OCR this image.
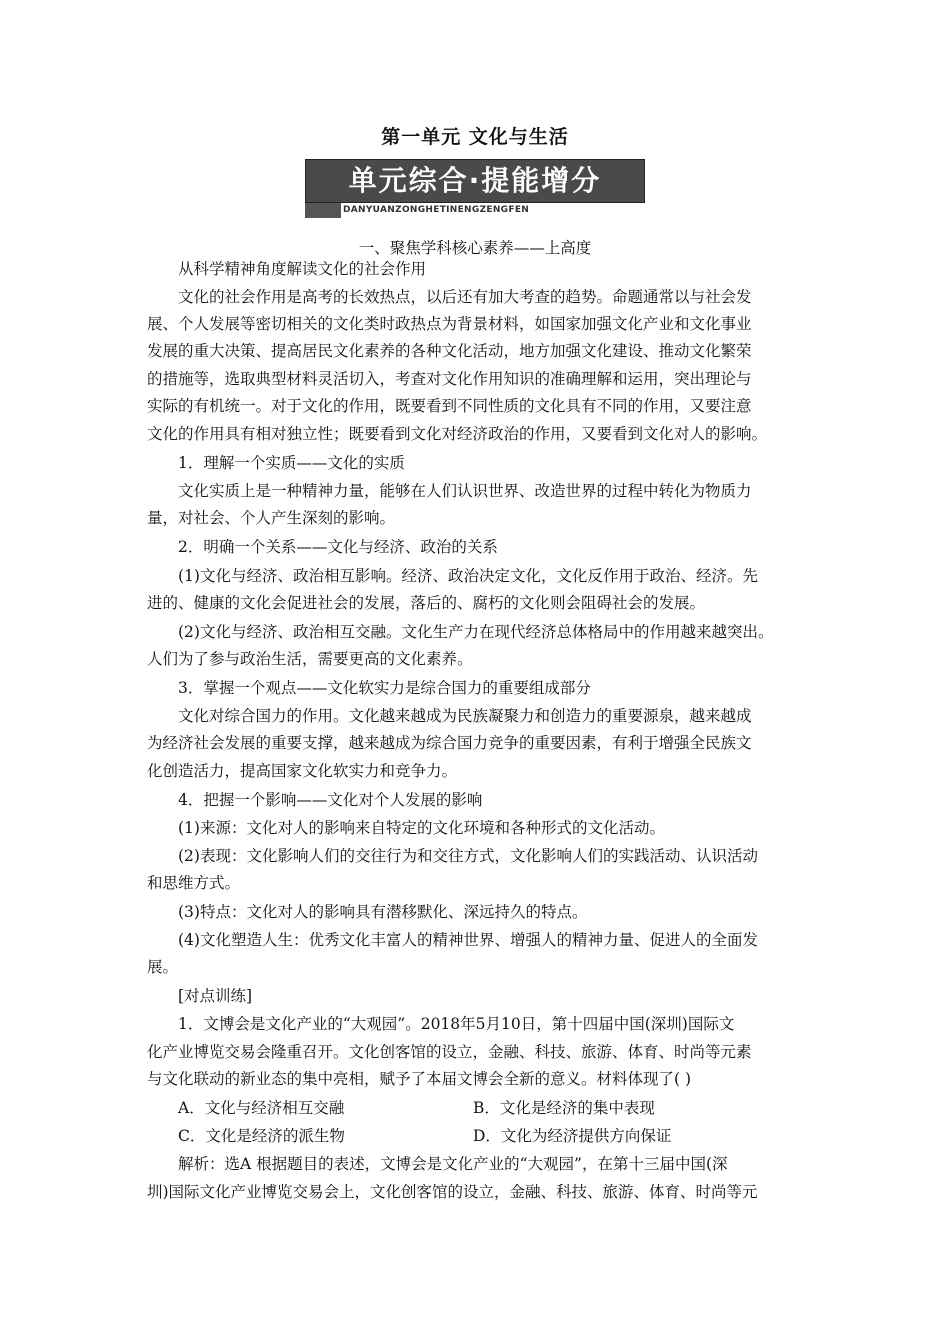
第一单元 文化与生活
单元综合·提能增分
DANYUANZONGHETINENGZENGFEN
一、聚焦学科核心素养——上高度
从科学精神角度解读文化的社会作用
文化的社会作用是高考的长效热点，以后还有加大考查的趋势。命题通常以与社会发
展、个人发展等密切相关的文化类时政热点为背景材料，如国家加强文化产业和文化事业
发展的重大决策、提高居民文化素养的各种文化活动，地方加强文化建设、推动文化繁荣
的措施等，选取典型材料灵活切入，考查对文化作用知识的准确理解和运用，突出理论与
实际的有机统一。对于文化的作用，既要看到不同性质的文化具有不同的作用，又要注意
文化的作用具有相对独立性；既要看到文化对经济政治的作用，又要看到文化对人的影响。
1．理解一个实质——文化的实质
文化实质上是一种精神力量，能够在人们认识世界、改造世界的过程中转化为物质力
量，对社会、个人产生深刻的影响。
2．明确一个关系——文化与经济、政治的关系
(1)文化与经济、政治相互影响。经济、政治决定文化，文化反作用于政治、经济。先
进的、健康的文化会促进社会的发展，落后的、腐朽的文化则会阻碍社会的发展。
(2)文化与经济、政治相互交融。文化生产力在现代经济总体格局中的作用越来越突出。
人们为了参与政治生活，需要更高的文化素养。
3．掌握一个观点——文化软实力是综合国力的重要组成部分
文化对综合国力的作用。文化越来越成为民族凝聚力和创造力的重要源泉，越来越成
为经济社会发展的重要支撑，越来越成为综合国力竞争的重要因素，有利于增强全民族文
化创造活力，提高国家文化软实力和竞争力。
4．把握一个影响——文化对个人发展的影响
(1)来源：文化对人的影响来自特定的文化环境和各种形式的文化活动。
(2)表现：文化影响人们的交往行为和交往方式，文化影响人们的实践活动、认识活动
和思维方式。
(3)特点：文化对人的影响具有潜移默化、深远持久的特点。
(4)文化塑造人生：优秀文化丰富人的精神世界、增强人的精神力量、促进人的全面发
展。
[对点训练]
1．文博会是文化产业的“大观园”。2018年5月10日，第十四届中国(深圳)国际文
化产业博览交易会隆重召开。文化创客馆的设立，金融、科技、旅游、体育、时尚等元素
与文化联动的新业态的集中亮相，赋予了本届文博会全新的意义。材料体现了( )
A．文化与经济相互交融	B．文化是经济的集中表现
C．文化是经济的派生物	D．文化为经济提供方向保证
解析：选A 根据题目的表述，文博会是文化产业的“大观园”，在第十三届中国(深
圳)国际文化产业博览交易会上，文化创客馆的设立，金融、科技、旅游、体育、时尚等元
